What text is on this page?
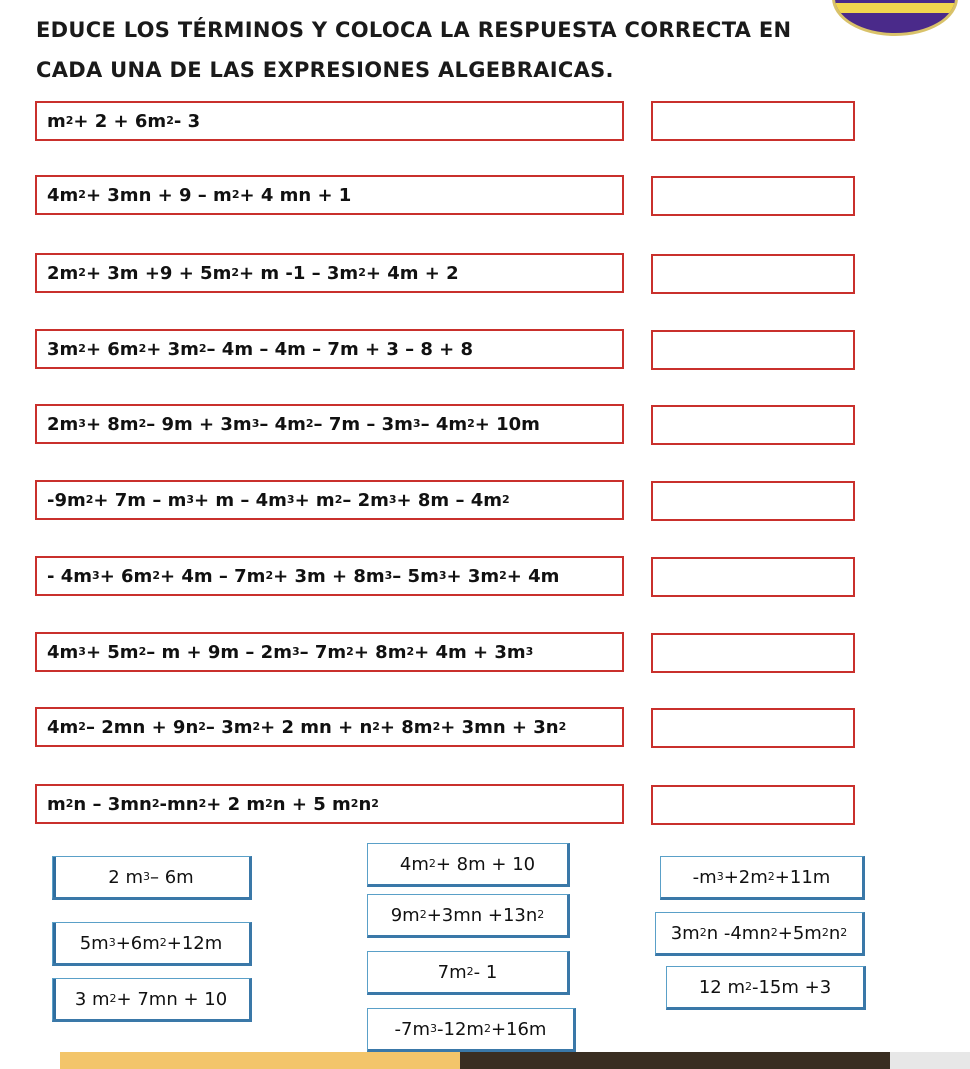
EDUCE LOS TÉRMINOS Y COLOCA LA RESPUESTA CORRECTA EN CADA UNA DE LAS EXPRESIONES ALGEBRAICAS.
m 2 + 2 + 6m 2 - 3
4m 2 + 3mn + 9 – m 2 + 4 mn + 1
2m 2 + 3m +9 + 5m 2 + m -1 – 3m 2 + 4m + 2
3m 2 + 6m 2 + 3m 2 – 4m – 4m – 7m + 3 – 8 + 8
2m 3 + 8m 2 – 9m + 3m 3 – 4m 2 – 7m – 3m 3 – 4m 2 + 10m
-9m 2 + 7m – m 3 + m – 4m 3 + m 2 – 2m 3 + 8m – 4m 2
- 4m 3 + 6m 2 + 4m – 7m 2 + 3m + 8m 3 – 5m 3 + 3m 2 + 4m
4m 3 + 5m 2 – m + 9m – 2m 3 – 7m 2 + 8m 2 + 4m + 3m 3
4m 2 – 2mn + 9n 2 – 3m 2 + 2 mn + n 2 + 8m 2 + 3mn + 3n 2
m 2 n – 3mn 2 -mn 2 + 2 m 2 n + 5 m 2 n 2
2 m 3 – 6m
4m 2 + 8m + 10
-m 3 +2m 2 +11m
9m 2 +3mn +13n 2
5m 3 +6m 2 +12m	3m 2 n -4mn 2 +5m 2 n 2
7m 2 - 1
12 m 2 -15m +3
3 m 2 + 7mn + 10
-7m 3 -12m 2 +16m
